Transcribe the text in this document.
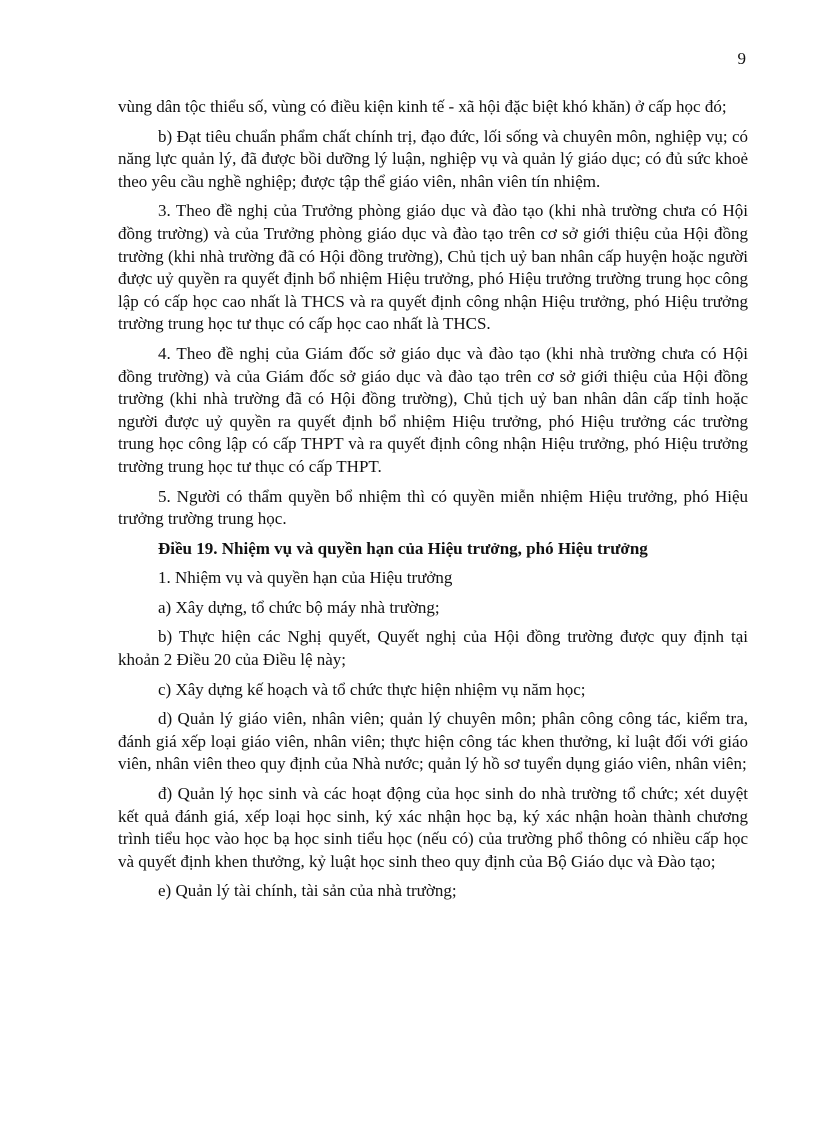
9

vùng dân tộc thiểu số, vùng có điều kiện kinh tế - xã hội đặc biệt khó khăn) ở cấp học đó;

b) Đạt tiêu chuẩn phẩm chất chính trị, đạo đức, lối sống và chuyên môn, nghiệp vụ; có năng lực quản lý, đã được bồi dưỡng lý luận, nghiệp vụ và quản lý giáo dục; có đủ sức khoẻ theo yêu cầu nghề nghiệp; được tập thể giáo viên, nhân viên tín nhiệm.

3. Theo đề nghị của Trưởng phòng giáo dục và đào tạo (khi nhà trường chưa có Hội đồng trường) và của Trưởng phòng giáo dục và đào tạo trên cơ sở giới thiệu của Hội đồng trường (khi nhà trường đã có Hội đồng trường), Chủ tịch uỷ ban nhân cấp huyện hoặc người được uỷ quyền ra quyết định bổ nhiệm Hiệu trưởng, phó Hiệu trưởng trường trung học công lập có cấp học cao nhất là THCS và ra quyết định công nhận Hiệu trưởng, phó Hiệu trưởng trường trung học tư thục có cấp học cao nhất là THCS.

4. Theo đề nghị của Giám đốc sở giáo dục và đào tạo (khi nhà trường chưa có Hội đồng trường) và của Giám đốc sở giáo dục và đào tạo trên cơ sở giới thiệu của Hội đồng trường (khi nhà trường đã có Hội đồng trường), Chủ tịch uỷ ban nhân dân cấp tỉnh hoặc người được uỷ quyền ra quyết định bổ nhiệm Hiệu trưởng, phó Hiệu trưởng các trường trung học công lập có cấp THPT và ra quyết định công nhận Hiệu trưởng, phó Hiệu trưởng trường trung học tư thục có cấp THPT.

5. Người có thẩm quyền bổ nhiệm thì có quyền miễn nhiệm Hiệu trưởng, phó Hiệu trưởng trường trung học.

Điều 19. Nhiệm vụ và quyền hạn của Hiệu trưởng, phó Hiệu trưởng

1. Nhiệm vụ và quyền hạn của Hiệu trưởng

a) Xây dựng, tổ chức bộ máy nhà trường;

b) Thực hiện các Nghị quyết, Quyết nghị của Hội đồng trường được quy định tại khoản 2 Điều 20 của Điều lệ này;

c) Xây dựng kế hoạch và tổ chức thực hiện nhiệm vụ năm học;

d) Quản lý giáo viên, nhân viên; quản lý chuyên môn; phân công công tác, kiểm tra, đánh giá xếp loại giáo viên, nhân viên; thực hiện công tác khen thưởng, kỉ luật đối với giáo viên, nhân viên theo quy định của Nhà nước; quản lý hồ sơ tuyển dụng giáo viên, nhân viên;

đ) Quản lý học sinh và các hoạt động của học sinh do nhà trường tổ chức; xét duyệt kết quả đánh giá, xếp loại học sinh, ký xác nhận học bạ, ký xác nhận hoàn thành chương trình tiểu học vào học bạ học sinh tiểu học (nếu có) của trường phổ thông có nhiều cấp học và quyết định khen thưởng, kỷ luật học sinh theo quy định của Bộ Giáo dục và Đào tạo;

e) Quản lý tài chính, tài sản của nhà trường;
